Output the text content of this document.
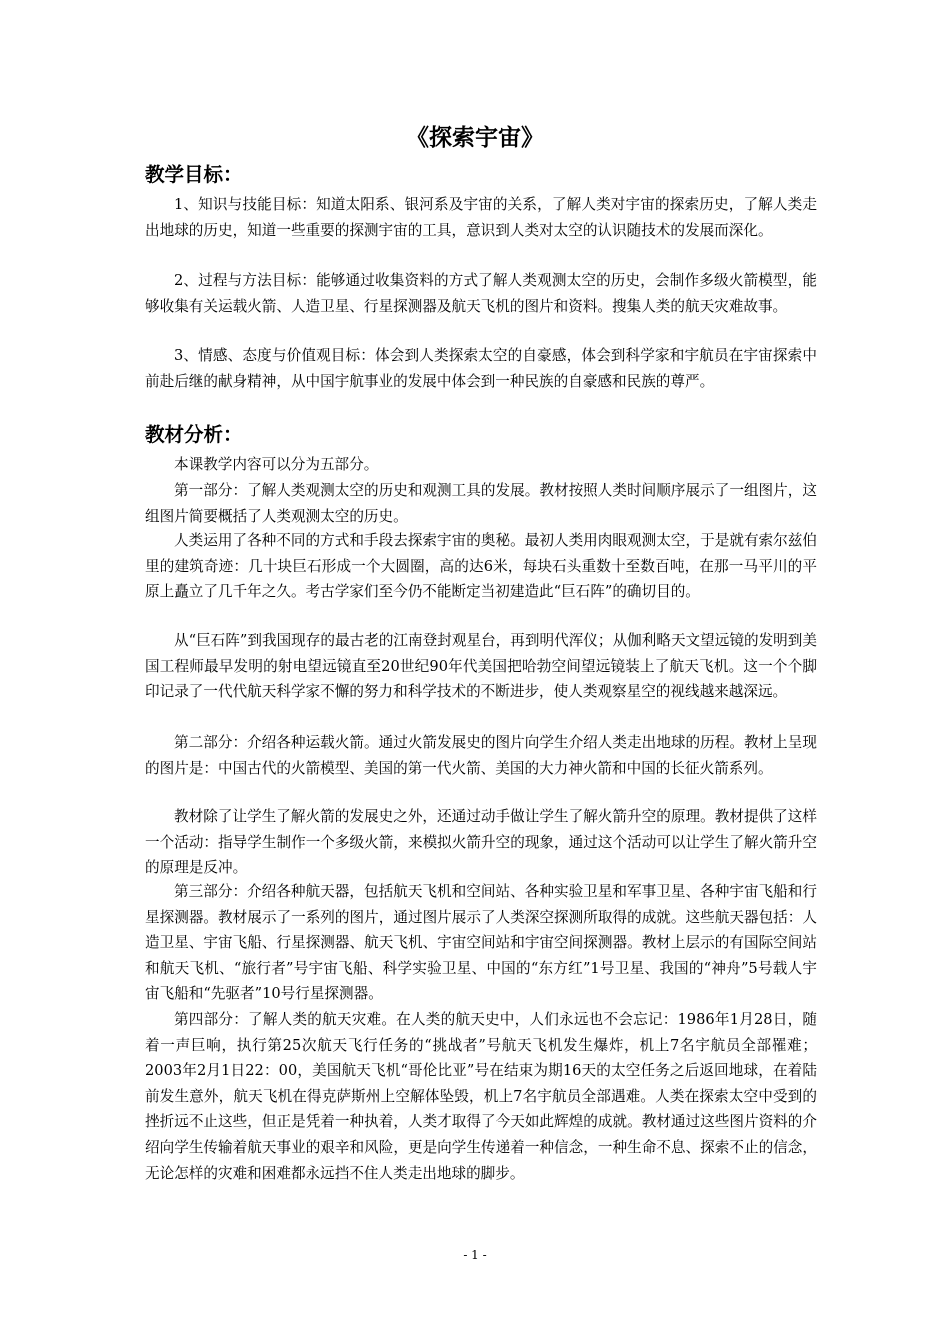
《探索宇宙》
教学目标：

1、知识与技能目标：知道太阳系、银河系及宇宙的关系，了解人类对宇宙的探索历史，了解人类走出地球的历史，知道一些重要的探测宇宙的工具，意识到人类对太空的认识随技术的发展而深化。

2、过程与方法目标：能够通过收集资料的方式了解人类观测太空的历史，会制作多级火箭模型，能够收集有关运载火箭、人造卫星、行星探测器及航天飞机的图片和资料。搜集人类的航天灾难故事。

3、情感、态度与价值观目标：体会到人类探索太空的自豪感，体会到科学家和宇航员在宇宙探索中前赴后继的献身精神，从中国宇航事业的发展中体会到一种民族的自豪感和民族的尊严。

教材分析：

本课教学内容可以分为五部分。

第一部分：了解人类观测太空的历史和观测工具的发展。教材按照人类时间顺序展示了一组图片，这组图片简要概括了人类观测太空的历史。

人类运用了各种不同的方式和手段去探索宇宙的奥秘。最初人类用肉眼观测太空，于是就有索尔兹伯里的建筑奇迹：几十块巨石形成一个大圆圈，高的达6米，每块石头重数十至数百吨，在那一马平川的平原上矗立了几千年之久。考古学家们至今仍不能断定当初建造此“巨石阵”的确切目的。

从“巨石阵”到我国现存的最古老的江南登封观星台，再到明代浑仪；从伽利略天文望远镜的发明到美国工程师最早发明的射电望远镜直至20世纪90年代美国把哈勃空间望远镜装上了航天飞机。这一个个脚印记录了一代代航天科学家不懈的努力和科学技术的不断进步，使人类观察星空的视线越来越深远。

第二部分：介绍各种运载火箭。通过火箭发展史的图片向学生介绍人类走出地球的历程。教材上呈现的图片是：中国古代的火箭模型、美国的第一代火箭、美国的大力神火箭和中国的长征火箭系列。

教材除了让学生了解火箭的发展史之外，还通过动手做让学生了解火箭升空的原理。教材提供了这样一个活动：指导学生制作一个多级火箭，来模拟火箭升空的现象，通过这个活动可以让学生了解火箭升空的原理是反冲。

第三部分：介绍各种航天器，包括航天飞机和空间站、各种实验卫星和军事卫星、各种宇宙飞船和行星探测器。教材展示了一系列的图片，通过图片展示了人类深空探测所取得的成就。这些航天器包括：人造卫星、宇宙飞船、行星探测器、航天飞机、宇宙空间站和宇宙空间探测器。教材上层示的有国际空间站和航天飞机、“旅行者”号宇宙飞船、科学实验卫星、中国的“东方红”1号卫星、我国的“神舟”5号载人宇宙飞船和“先驱者”10号行星探测器。

第四部分：了解人类的航天灾难。在人类的航天史中，人们永远也不会忘记：1986年1月28日，随着一声巨响，执行第25次航天飞行任务的“挑战者”号航天飞机发生爆炸，机上7名宇航员全部罹难；2003年2月1日22：00，美国航天飞机“哥伦比亚”号在结束为期16天的太空任务之后返回地球，在着陆前发生意外，航天飞机在得克萨斯州上空解体坠毁，机上7名宇航员全部遇难。人类在探索太空中受到的挫折远不止这些，但正是凭着一种执着，人类才取得了今天如此辉煌的成就。教材通过这些图片资料的介绍向学生传输着航天事业的艰辛和风险，更是向学生传递着一种信念，一种生命不息、探索不止的信念，无论怎样的灾难和困难都永远挡不住人类走出地球的脚步。

- 1 -
